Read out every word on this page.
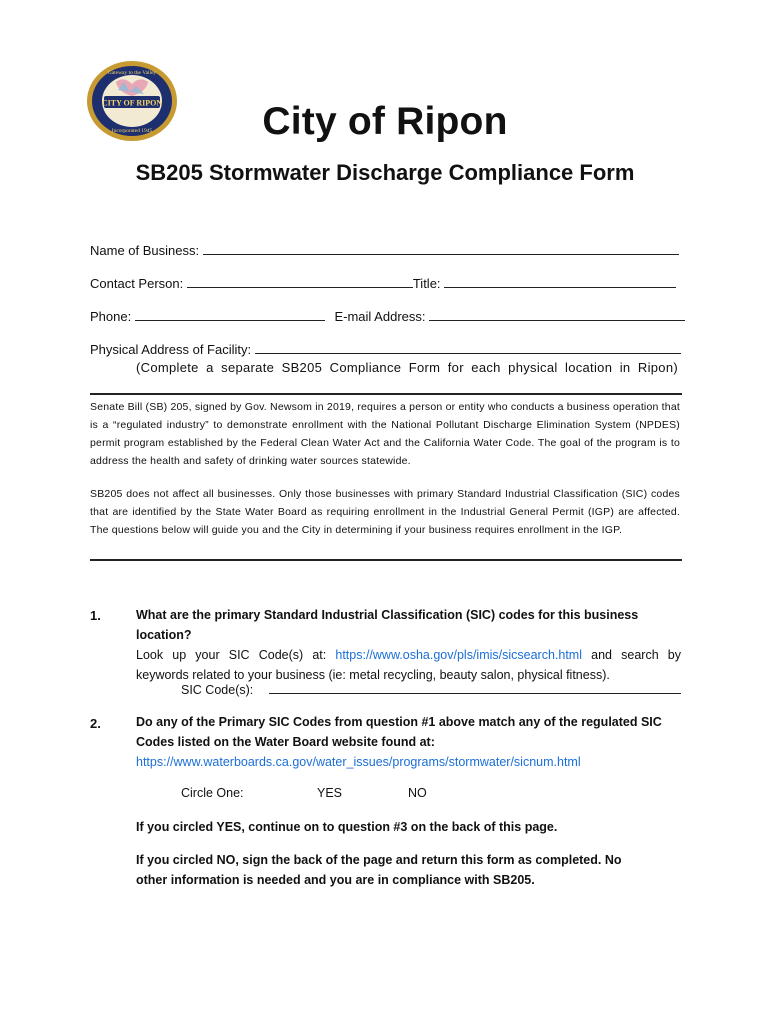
CITY OF RIPON
Gateway to the Valley
Incorporated 1945	City of Ripon
SB205 Stormwater Discharge Compliance Form
Name of Business:
Contact Person:	Title:
Phone:	E-mail Address:
Physical Address of Facility:
(Complete a separate SB205 Compliance Form for each physical location in Ripon)
Senate Bill (SB) 205, signed by Gov. Newsom in 2019, requires a person or entity who conducts a business operation that is a “regulated industry” to demonstrate enrollment with the National Pollutant Discharge Elimination System (NPDES) permit program established by the Federal Clean Water Act and the California Water Code. The goal of the program is to address the health and safety of drinking water sources statewide.
SB205 does not affect all businesses. Only those businesses with primary Standard Industrial Classification (SIC) codes that are identified by the State Water Board as requiring enrollment in the Industrial General Permit (IGP) are affected. The questions below will guide you and the City in determining if your business requires enrollment in the IGP.
1.	What are the primary Standard Industrial Classification (SIC) codes for this business location?
Look up your SIC Code(s) at: https://www.osha.gov/pls/imis/sicsearch.html and search by keywords related to your business (ie: metal recycling, beauty salon, physical fitness).
SIC Code(s):
2.	Do any of the Primary SIC Codes from question #1 above match any of the regulated SIC Codes listed on the Water Board website found at:
https://www.waterboards.ca.gov/water_issues/programs/stormwater/sicnum.html
Circle One:	YES	NO
If you circled YES, continue on to question #3 on the back of this page.
If you circled NO, sign the back of the page and return this form as completed. No other information is needed and you are in compliance with SB205.
